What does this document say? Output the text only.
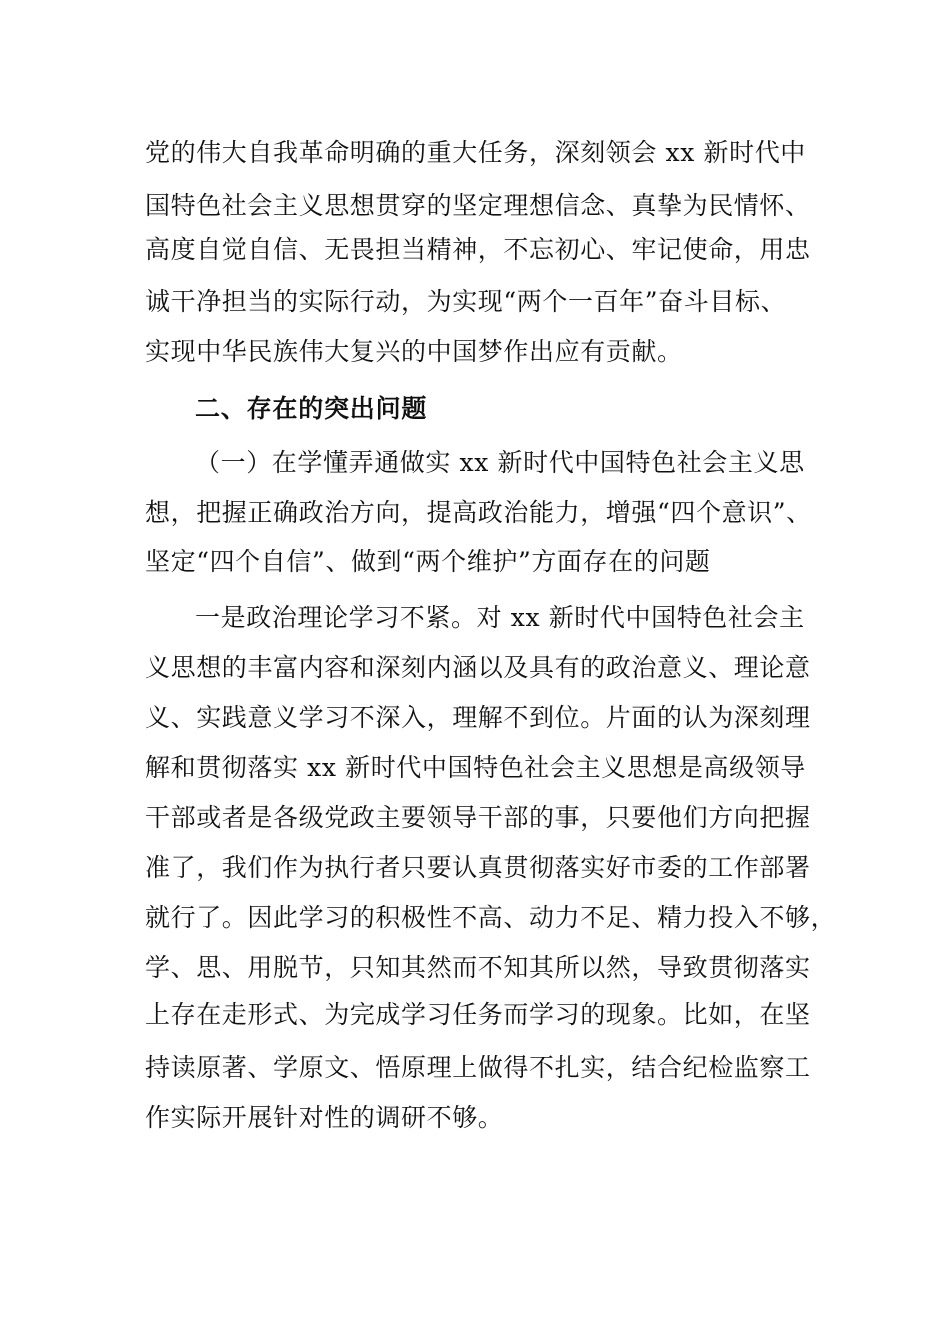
党的伟大自我革命明确的重大任务，深刻领会 xx 新时代中
国特色社会主义思想贯穿的坚定理想信念、真挚为民情怀、
高度自觉自信、无畏担当精神，不忘初心、牢记使命，用忠
诚干净担当的实际行动，为实现“两个一百年”奋斗目标、
实现中华民族伟大复兴的中国梦作出应有贡献。
二、存在的突出问题
（一）在学懂弄通做实 xx 新时代中国特色社会主义思
想，把握正确政治方向，提高政治能力，增强“四个意识”、
坚定“四个自信”、做到“两个维护”方面存在的问题
一是政治理论学习不紧。对 xx 新时代中国特色社会主
义思想的丰富内容和深刻内涵以及具有的政治意义、理论意
义、实践意义学习不深入，理解不到位。片面的认为深刻理
解和贯彻落实 xx 新时代中国特色社会主义思想是高级领导
干部或者是各级党政主要领导干部的事，只要他们方向把握
准了，我们作为执行者只要认真贯彻落实好市委的工作部署
就行了。因此学习的积极性不高、动力不足、精力投入不够，
学、思、用脱节，只知其然而不知其所以然，导致贯彻落实
上存在走形式、为完成学习任务而学习的现象。比如，在坚
持读原著、学原文、悟原理上做得不扎实，结合纪检监察工
作实际开展针对性的调研不够。
